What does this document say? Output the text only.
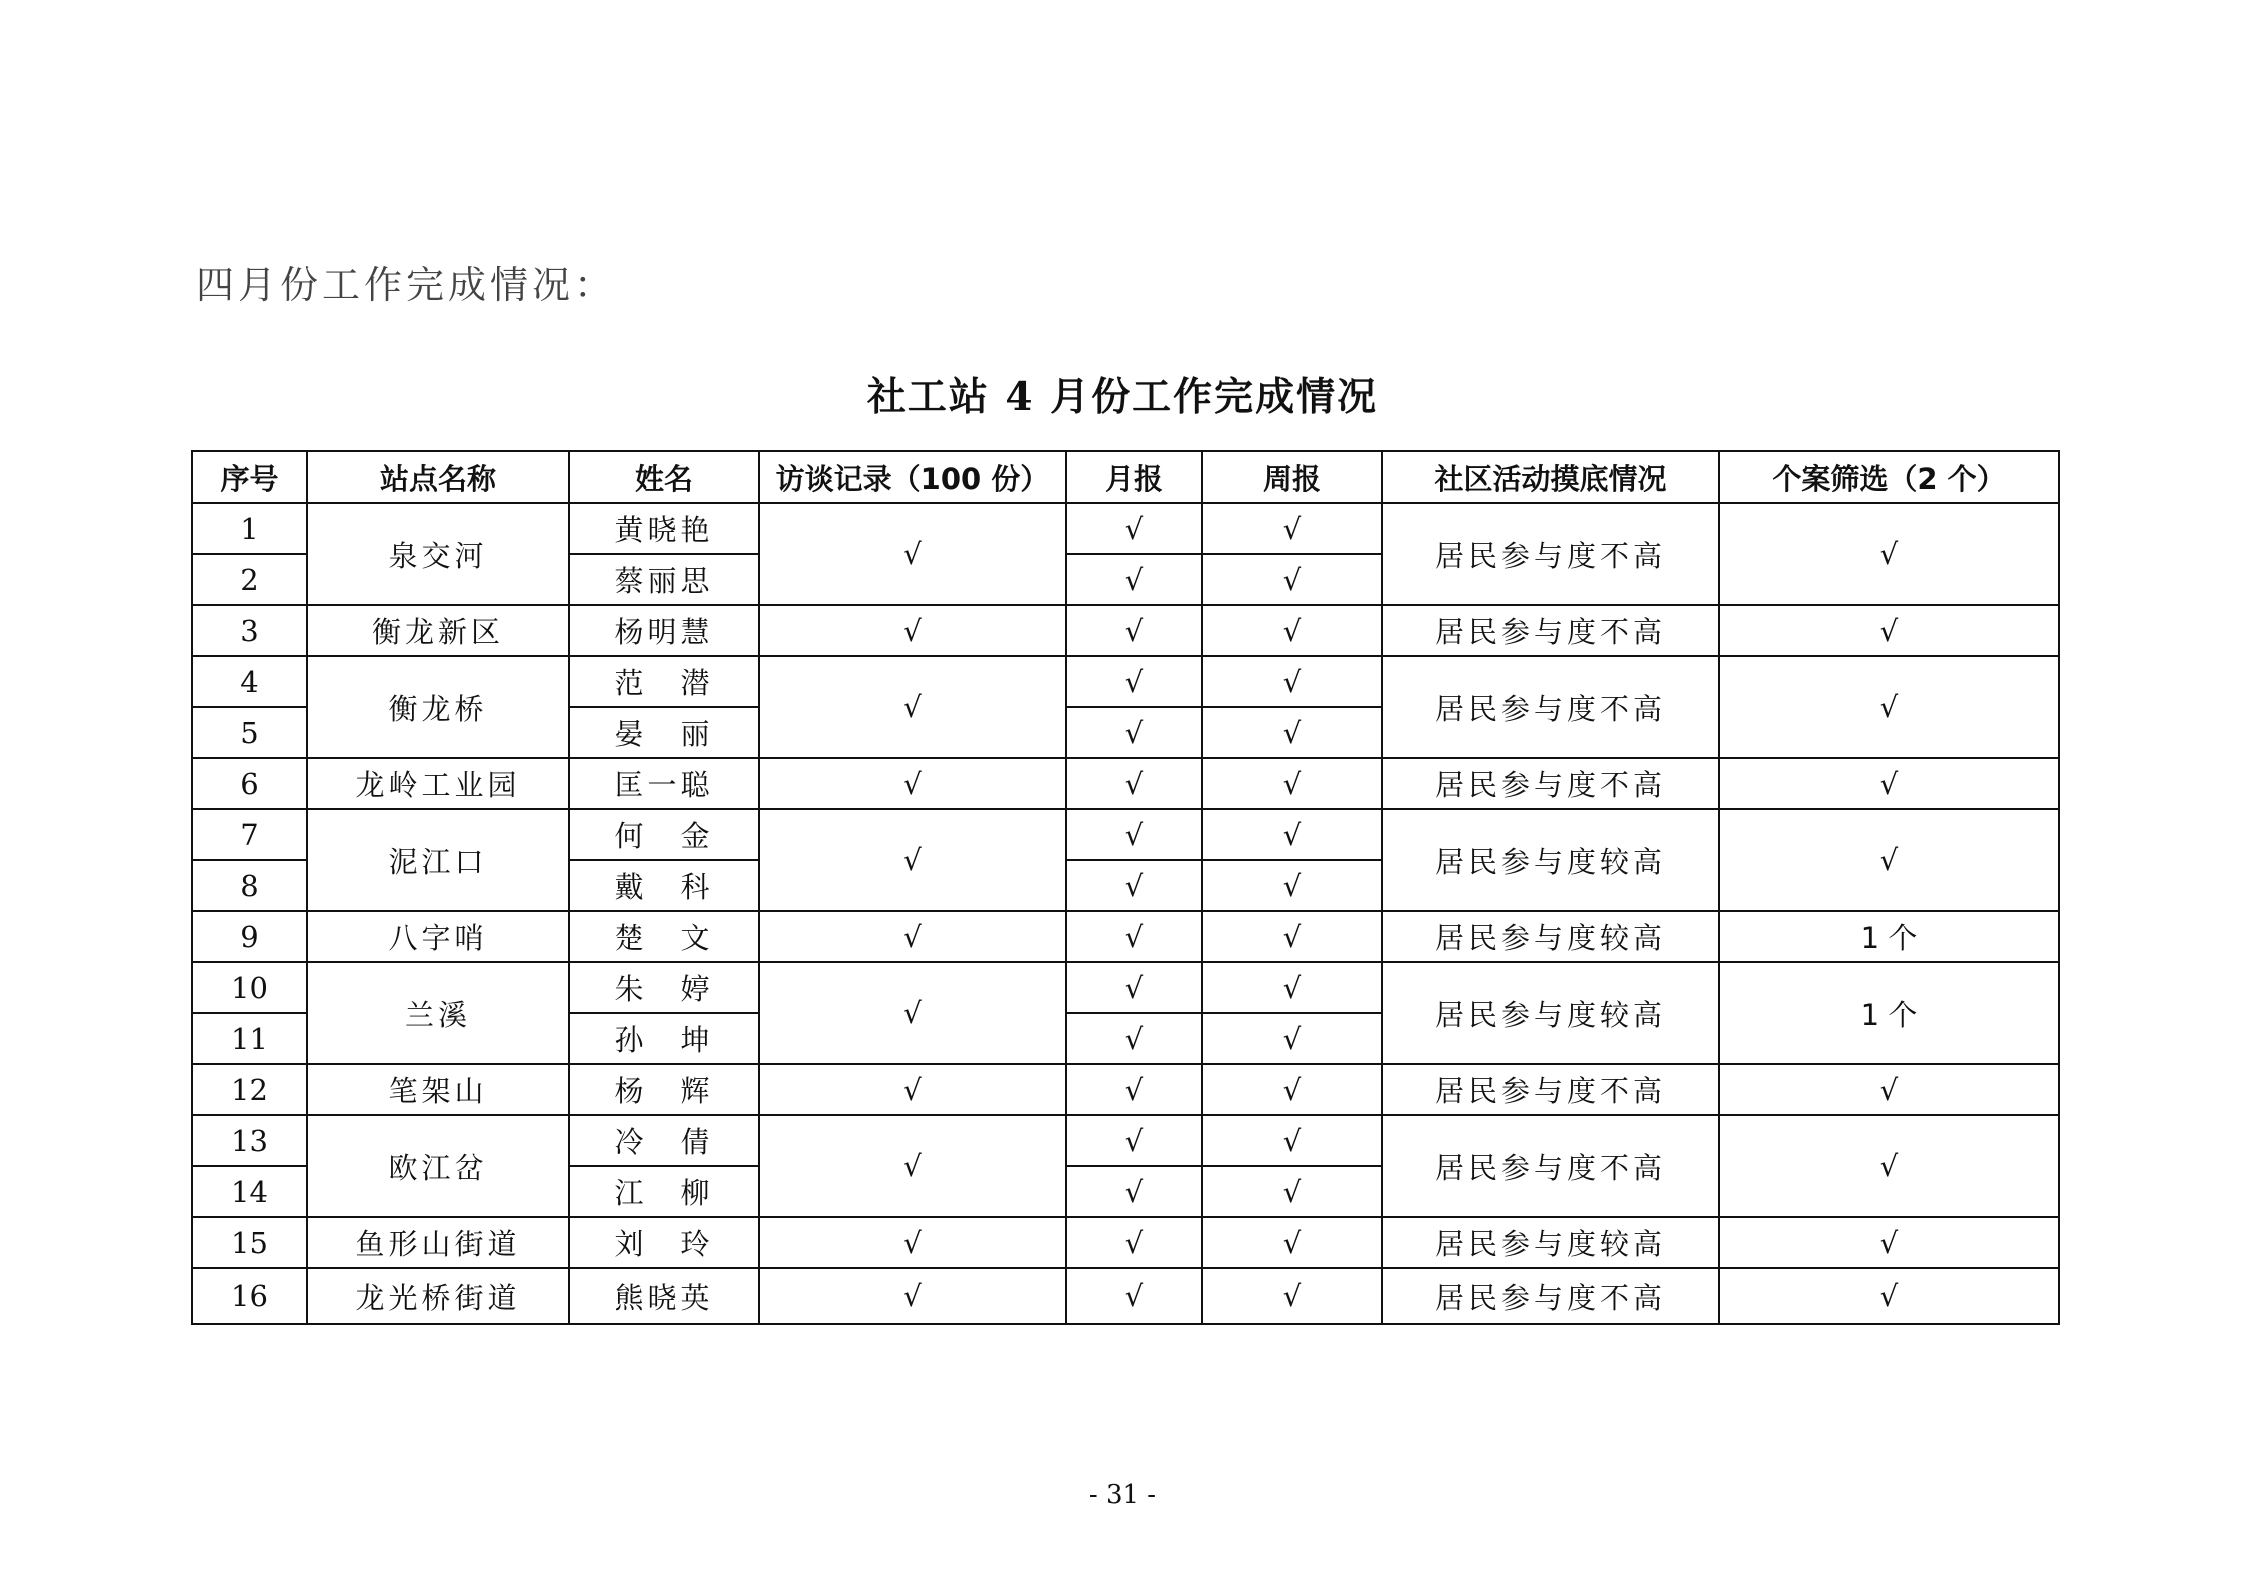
四月份工作完成情况：
社工站 4 月份工作完成情况
序号	站点名称	姓名	访谈记录（100 份）	月报	周报	社区活动摸底情况	个案筛选（2 个）
1	泉交河	黄晓艳	√	√	√	居民参与度不高	√
2		蔡丽思		√	√		
3	衡龙新区	杨明慧	√	√	√	居民参与度不高	√
4	衡龙桥	范　潜	√	√	√	居民参与度不高	√
5		晏　丽		√	√		
6	龙岭工业园	匡一聪	√	√	√	居民参与度不高	√
7	泥江口	何　金	√	√	√	居民参与度较高	√
8		戴　科		√	√		
9	八字哨	楚　文	√	√	√	居民参与度较高	1 个
10	兰溪	朱　婷	√	√	√	居民参与度较高	1 个
11		孙　坤		√	√		
12	笔架山	杨　辉	√	√	√	居民参与度不高	√
13	欧江岔	冷　倩	√	√	√	居民参与度不高	√
14		江　柳		√	√		
15	鱼形山街道	刘　玲	√	√	√	居民参与度较高	√
16	龙光桥街道	熊晓英	√	√	√	居民参与度不高	√
- 31 -
